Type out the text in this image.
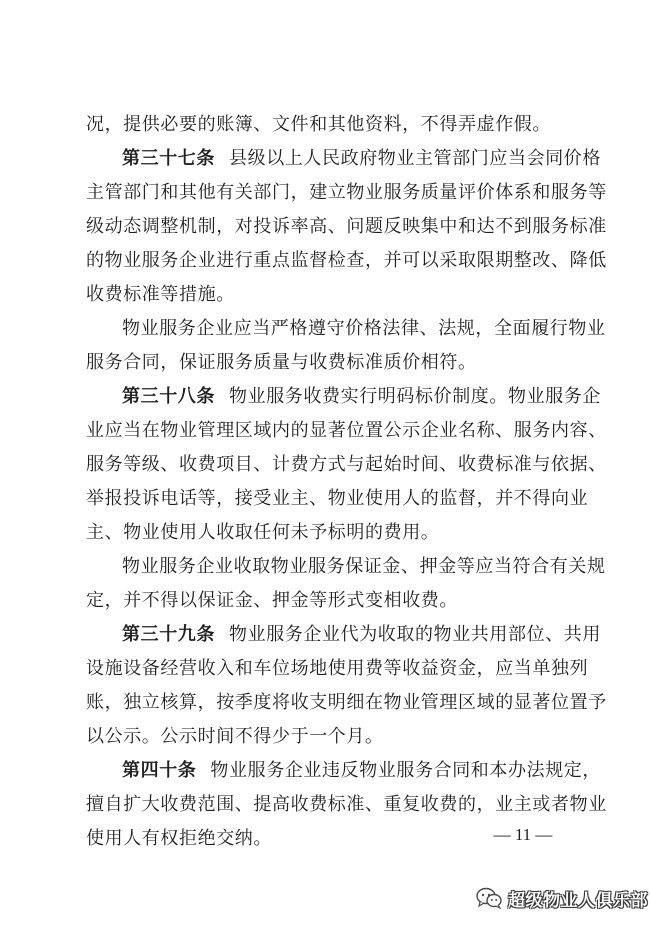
况，提供必要的账簿、文件和其他资料，不得弄虚作假。
第三十七条 县级以上人民政府物业主管部门应当会同价格
主管部门和其他有关部门，建立物业服务质量评价体系和服务等
级动态调整机制，对投诉率高、问题反映集中和达不到服务标准
的物业服务企业进行重点监督检查，并可以采取限期整改、降低
收费标准等措施。
物业服务企业应当严格遵守价格法律、法规，全面履行物业
服务合同，保证服务质量与收费标准质价相符。
第三十八条 物业服务收费实行明码标价制度。物业服务企
业应当在物业管理区域内的显著位置公示企业名称、服务内容、
服务等级、收费项目、计费方式与起始时间、收费标准与依据、
举报投诉电话等，接受业主、物业使用人的监督，并不得向业
主、物业使用人收取任何未予标明的费用。
物业服务企业收取物业服务保证金、押金等应当符合有关规
定，并不得以保证金、押金等形式变相收费。
第三十九条 物业服务企业代为收取的物业共用部位、共用
设施设备经营收入和车位场地使用费等收益资金，应当单独列
账，独立核算，按季度将收支明细在物业管理区域的显著位置予
以公示。公示时间不得少于一个月。
第四十条 物业服务企业违反物业服务合同和本办法规定，
擅自扩大收费范围、提高收费标准、重复收费的，业主或者物业
使用人有权拒绝交纳。	— 11 —
超级物业人俱乐部
